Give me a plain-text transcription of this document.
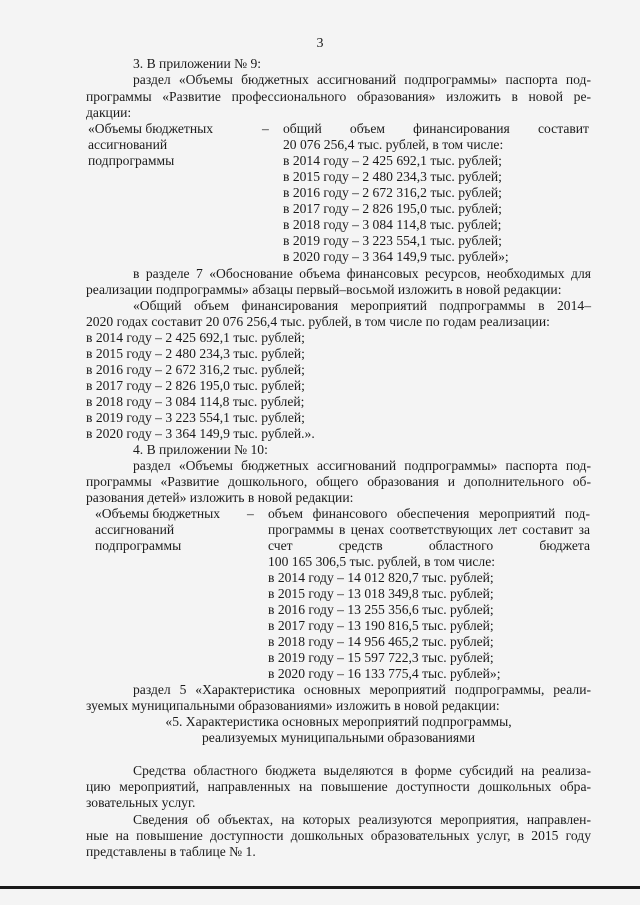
3
3. В приложении № 9:
раздел «Объемы бюджетных ассигнований подпрограммы» паспорта под-
программы «Развитие профессионального образования» изложить в новой ре-
дакции:
«Объемы бюджетных
ассигнований
подпрограммы
– общий объем финансирования составит
20 076 256,4 тыс. рублей, в том числе:
в 2014 году – 2 425 692,1 тыс. рублей;
в 2015 году – 2 480 234,3 тыс. рублей;
в 2016 году – 2 672 316,2 тыс. рублей;
в 2017 году – 2 826 195,0 тыс. рублей;
в 2018 году – 3 084 114,8 тыс. рублей;
в 2019 году – 3 223 554,1 тыс. рублей;
в 2020 году – 3 364 149,9 тыс. рублей»;
в разделе 7 «Обоснование объема финансовых ресурсов, необходимых для
реализации подпрограммы» абзацы первый–восьмой изложить в новой редакции:
«Общий объем финансирования мероприятий подпрограммы в 2014–
2020 годах составит 20 076 256,4 тыс. рублей, в том числе по годам реализации:
в 2014 году – 2 425 692,1 тыс. рублей;
в 2015 году – 2 480 234,3 тыс. рублей;
в 2016 году – 2 672 316,2 тыс. рублей;
в 2017 году – 2 826 195,0 тыс. рублей;
в 2018 году – 3 084 114,8 тыс. рублей;
в 2019 году – 3 223 554,1 тыс. рублей;
в 2020 году – 3 364 149,9 тыс. рублей.».
4. В приложении № 10:
раздел «Объемы бюджетных ассигнований подпрограммы» паспорта под-
программы «Развитие дошкольного, общего образования и дополнительного об-
разования детей» изложить в новой редакции:
«Объемы бюджетных
ассигнований
подпрограммы
– объем финансового обеспечения мероприятий под-
программы в ценах соответствующих лет составит за
счет средств областного бюджета
100 165 306,5 тыс. рублей, в том числе:
в 2014 году – 14 012 820,7 тыс. рублей;
в 2015 году – 13 018 349,8 тыс. рублей;
в 2016 году – 13 255 356,6 тыс. рублей;
в 2017 году – 13 190 816,5 тыс. рублей;
в 2018 году – 14 956 465,2 тыс. рублей;
в 2019 году – 15 597 722,3 тыс. рублей;
в 2020 году – 16 133 775,4 тыс. рублей»;
раздел 5 «Характеристика основных мероприятий подпрограммы, реали-
зуемых муниципальными образованиями» изложить в новой редакции:
«5. Характеристика основных мероприятий подпрограммы,
реализуемых муниципальными образованиями
Средства областного бюджета выделяются в форме субсидий на реализа-
цию мероприятий, направленных на повышение доступности дошкольных обра-
зовательных услуг.
Сведения об объектах, на которых реализуются мероприятия, направлен-
ные на повышение доступности дошкольных образовательных услуг, в 2015 году
представлены в таблице № 1.
